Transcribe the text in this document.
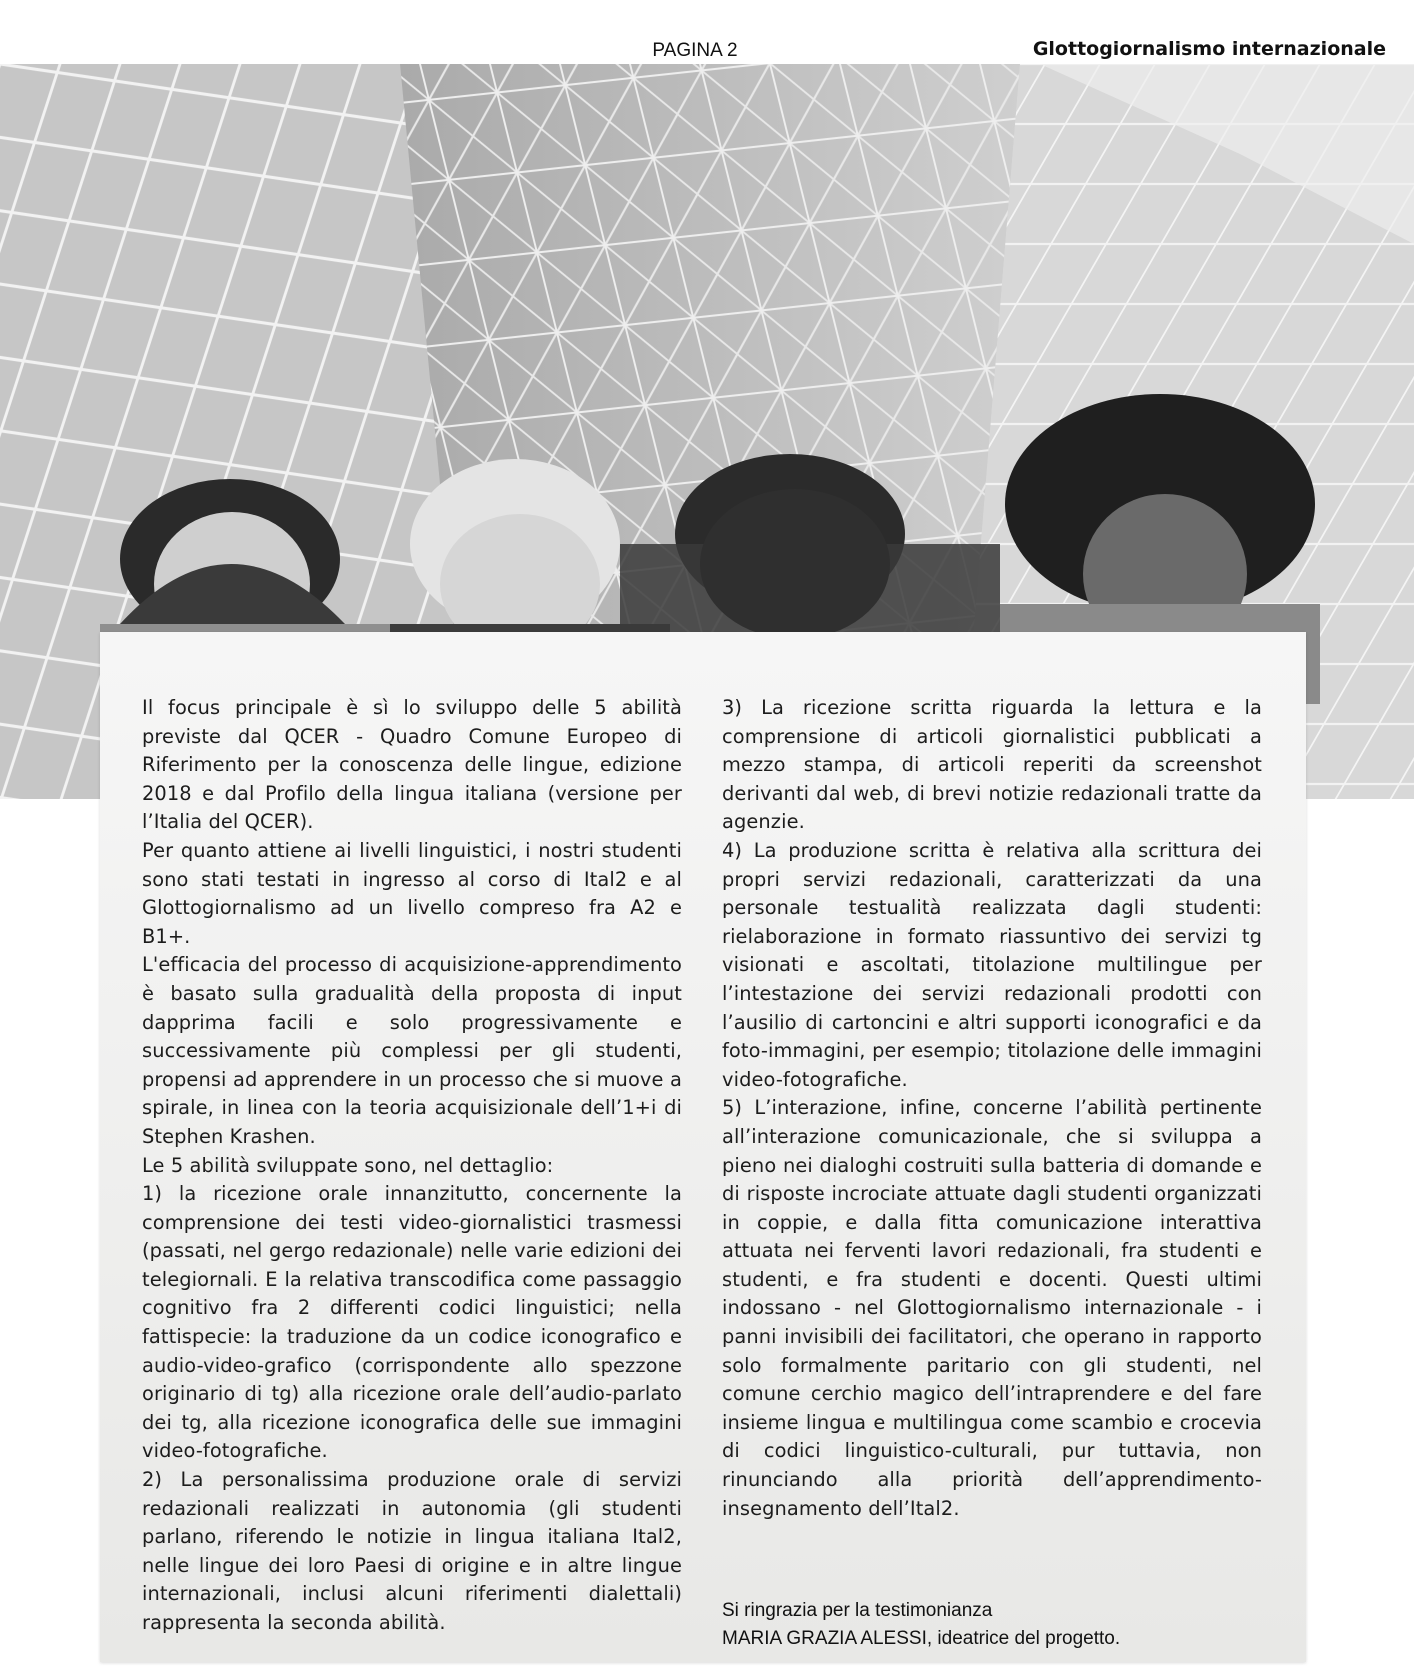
PAGINA 2	Glottogiornalismo internazionale

Il focus principale è sì lo sviluppo delle 5 abilità previste dal QCER - Quadro Comune Europeo di Riferimento per la conoscenza delle lingue, edizione 2018 e dal Profilo della lingua italiana (versione per l’Italia del QCER).

Per quanto attiene ai livelli linguistici, i nostri studenti sono stati testati in ingresso al corso di Ital2 e al Glottogiornalismo ad un livello compreso fra A2 e B1+.

L'efficacia del processo di acquisizione-apprendimento è basato sulla gradualità della proposta di input dapprima facili e solo progressivamente e successivamente più complessi per gli studenti, propensi ad apprendere in un processo che si muove a spirale, in linea con la teoria acquisizionale dell’1+i di Stephen Krashen.

Le 5 abilità sviluppate sono, nel dettaglio:

1) la ricezione orale innanzitutto, concernente la comprensione dei testi video-giornalistici trasmessi (passati, nel gergo redazionale) nelle varie edizioni dei telegiornali. E la relativa transcodifica come passaggio cognitivo fra 2 differenti codici linguistici; nella fattispecie: la traduzione da un codice iconografico e audio-video-grafico (corrispondente allo spezzone originario di tg) alla ricezione orale dell’audio-parlato dei tg, alla ricezione iconografica delle sue immagini video-fotografiche.

2) La personalissima produzione orale di servizi redazionali realizzati in autonomia (gli studenti parlano, riferendo le notizie in lingua italiana Ital2, nelle lingue dei loro Paesi di origine e in altre lingue internazionali, inclusi alcuni riferimenti dialettali) rappresenta la seconda abilità.

3) La ricezione scritta riguarda la lettura e la comprensione di articoli giornalistici pubblicati a mezzo stampa, di articoli reperiti da screenshot derivanti dal web, di brevi notizie redazionali tratte da agenzie.

4) La produzione scritta è relativa alla scrittura dei propri servizi redazionali, caratterizzati da una personale testualità realizzata dagli studenti: rielaborazione in formato riassuntivo dei servizi tg visionati e ascoltati, titolazione multilingue per l’intestazione dei servizi redazionali prodotti con l’ausilio di cartoncini e altri supporti iconografici e da foto-immagini, per esempio; titolazione delle immagini video-fotografiche.

5) L’interazione, infine, concerne l’abilità pertinente all’interazione comunicazionale, che si sviluppa a pieno nei dialoghi costruiti sulla batteria di domande e di risposte incrociate attuate dagli studenti organizzati in coppie, e dalla fitta comunicazione interattiva attuata nei ferventi lavori redazionali, fra studenti e studenti, e fra studenti e docenti. Questi ultimi indossano - nel Glottogiornalismo internazionale - i panni invisibili dei facilitatori, che operano in rapporto solo formalmente paritario con gli studenti, nel comune cerchio magico dell’intraprendere e del fare insieme lingua e multilingua come scambio e crocevia di codici linguistico-culturali, pur tuttavia, non rinunciando alla priorità dell’apprendimento-insegnamento dell’Ital2.

Si ringrazia per la testimonianza

MARIA GRAZIA ALESSI, ideatrice del progetto.
